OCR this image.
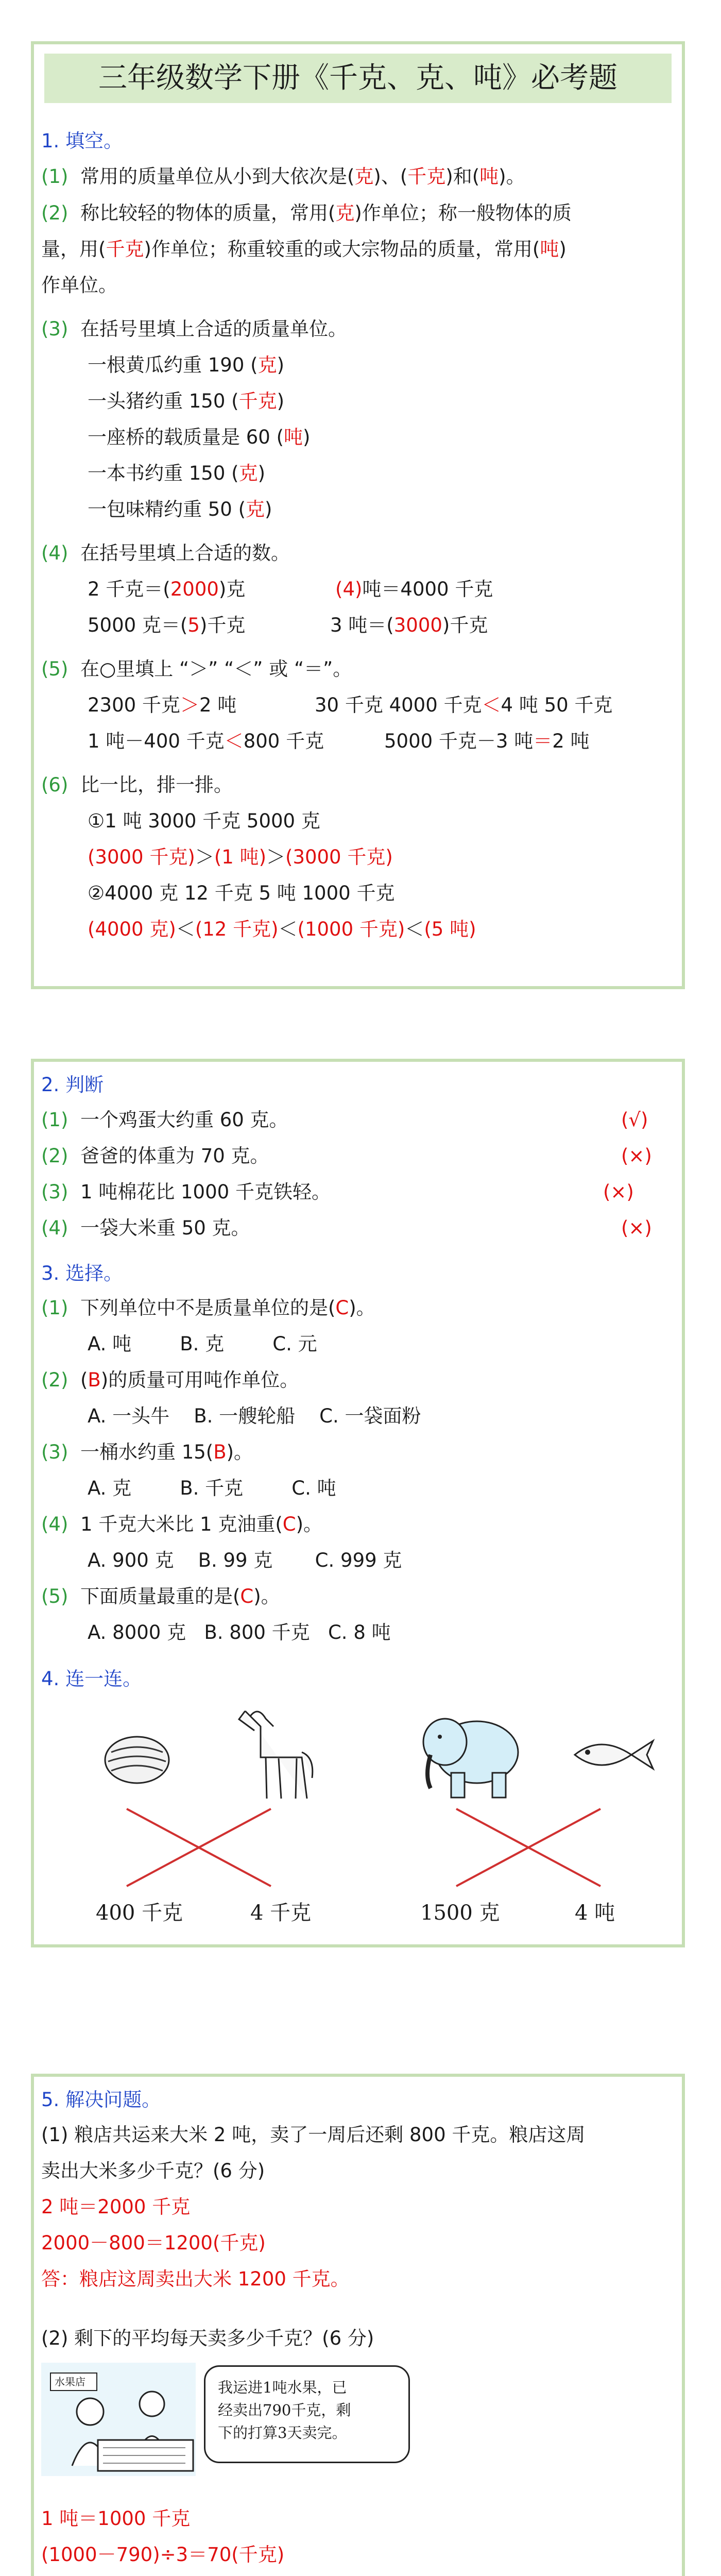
三年级数学下册《千克、克、吨》必考题
1. 填空。
(1) 常用的质量单位从小到大依次是(克)、(千克)和(吨)。
(2) 称比较轻的物体的质量，常用(克)作单位；称一般物体的质
量，用(千克)作单位；称重较重的或大宗物品的质量，常用(吨)
作单位。
(3) 在括号里填上合适的质量单位。
一根黄瓜约重 190 (克)
一头猪约重 150 (千克)
一座桥的载质量是 60 (吨)
一本书约重 150 (克)
一包味精约重 50 (克)
(4) 在括号里填上合适的数。
2 千克＝(2000)克	(4)吨＝4000 千克
5000 克＝(5)千克	3 吨＝(3000)千克
(5) 在○里填上 “＞” “＜” 或 “＝”。
2300 千克＞2 吨	30 千克 4000 千克＜4 吨 50 千克
1 吨－400 千克＜800 千克	5000 千克－3 吨＝2 吨
(6) 比一比，排一排。
①1 吨 3000 千克 5000 克
(3000 千克)＞(1 吨)＞(3000 千克)
②4000 克 12 千克 5 吨 1000 千克
(4000 克)＜(12 千克)＜(1000 千克)＜(5 吨)
2. 判断
(1) 一个鸡蛋大约重 60 克。	(√)
(2) 爸爸的体重为 70 克。	(×)
(3) 1 吨棉花比 1000 千克铁轻。	(×)
(4) 一袋大米重 50 克。	(×)
3. 选择。
(1) 下列单位中不是质量单位的是(C)。
A. 吨        B. 克        C. 元
(2) (B)的质量可用吨作单位。
A. 一头牛    B. 一艘轮船    C. 一袋面粉
(3) 一桶水约重 15(B)。
A. 克        B. 千克        C. 吨
(4) 1 千克大米比 1 克油重(C)。
A. 900 克    B. 99 克       C. 999 克
(5) 下面质量最重的是(C)。
A. 8000 克   B. 800 千克   C. 8 吨
4. 连一连。
400 千克	4 千克	1500 克	4 吨
5. 解决问题。
(1) 粮店共运来大米 2 吨，卖了一周后还剩 800 千克。粮店这周
卖出大米多少千克？(6 分)
2 吨＝2000 千克
2000－800＝1200(千克)
答：粮店这周卖出大米 1200 千克。
(2) 剩下的平均每天卖多少千克？(6 分)
水果店	我运进1吨水果，已
经卖出790千克，剩
下的打算3天卖完。
1 吨＝1000 千克
(1000－790)÷3＝70(千克)
